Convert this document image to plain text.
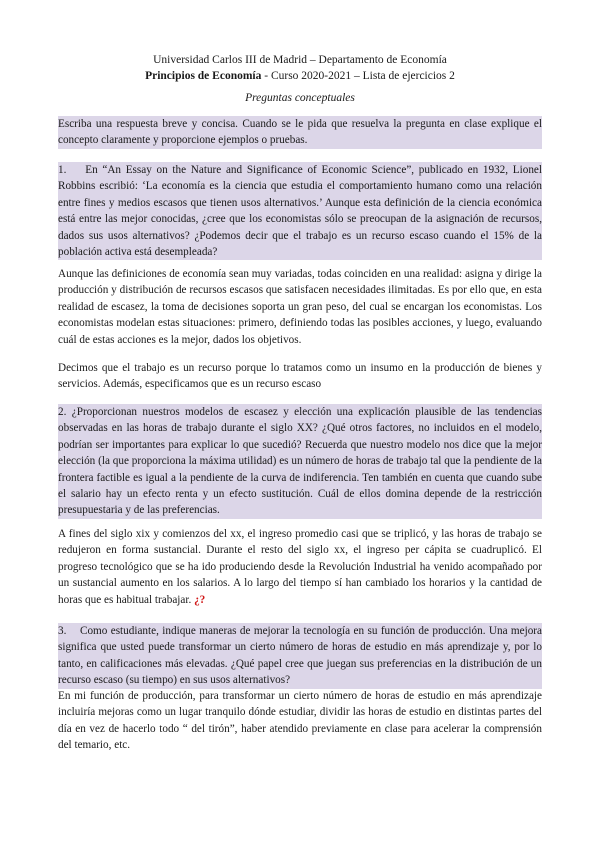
Universidad Carlos III de Madrid – Departamento de Economía
Principios de Economía - Curso 2020-2021 – Lista de ejercicios 2
Preguntas conceptuales
Escriba una respuesta breve y concisa. Cuando se le pida que resuelva la pregunta en clase explique el concepto claramente y proporcione ejemplos o pruebas.
1.    En “An Essay on the Nature and Significance of Economic Science”, publicado en 1932, Lionel Robbins escribió: ‘La economía es la ciencia que estudia el comportamiento humano como una relación entre fines y medios escasos que tienen usos alternativos.’ Aunque esta definición de la ciencia económica está entre las mejor conocidas, ¿cree que los economistas sólo se preocupan de la asignación de recursos, dados sus usos alternativos? ¿Podemos decir que el trabajo es un recurso escaso cuando el 15% de la población activa está desempleada?
Aunque las definiciones de economía sean muy variadas, todas coinciden en una realidad: asigna y dirige la producción y distribución de recursos escasos que satisfacen necesidades ilimitadas. Es por ello que, en esta realidad de escasez, la toma de decisiones soporta un gran peso, del cual se encargan los economistas. Los economistas modelan estas situaciones: primero, definiendo todas las posibles acciones, y luego, evaluando cuál de estas acciones es la mejor, dados los objetivos.
Decimos que el trabajo es un recurso porque lo tratamos como un insumo en la producción de bienes y servicios. Además, especificamos que es un recurso escaso
2. ¿Proporcionan nuestros modelos de escasez y elección una explicación plausible de las tendencias observadas en las horas de trabajo durante el siglo XX? ¿Qué otros factores, no incluidos en el modelo, podrían ser importantes para explicar lo que sucedió? Recuerda que nuestro modelo nos dice que la mejor elección (la que proporciona la máxima utilidad) es un número de horas de trabajo tal que la pendiente de la frontera factible es igual a la pendiente de la curva de indiferencia. Ten también en cuenta que cuando sube el salario hay un efecto renta y un efecto sustitución. Cuál de ellos domina depende de la restricción presupuestaria y de las preferencias.
A fines del siglo xix y comienzos del xx, el ingreso promedio casi que se triplicó, y las horas de trabajo se redujeron en forma sustancial. Durante el resto del siglo xx, el ingreso per cápita se cuadruplicó. El progreso tecnológico que se ha ido produciendo desde la Revolución Industrial ha venido acompañado por un sustancial aumento en los salarios. A lo largo del tiempo sí han cambiado los horarios y la cantidad de horas que es habitual trabajar. ¿?
3.    Como estudiante, indique maneras de mejorar la tecnología en su función de producción. Una mejora significa que usted puede transformar un cierto número de horas de estudio en más aprendizaje y, por lo tanto, en calificaciones más elevadas. ¿Qué papel cree que juegan sus preferencias en la distribución de un recurso escaso (su tiempo) en sus usos alternativos?
En mi función de producción, para transformar un cierto número de horas de estudio en más aprendizaje incluiría mejoras como un lugar tranquilo dónde estudiar, dividir las horas de estudio en distintas partes del día en vez de hacerlo todo “ del tirón”, haber atendido previamente en clase para acelerar la comprensión del temario, etc.
